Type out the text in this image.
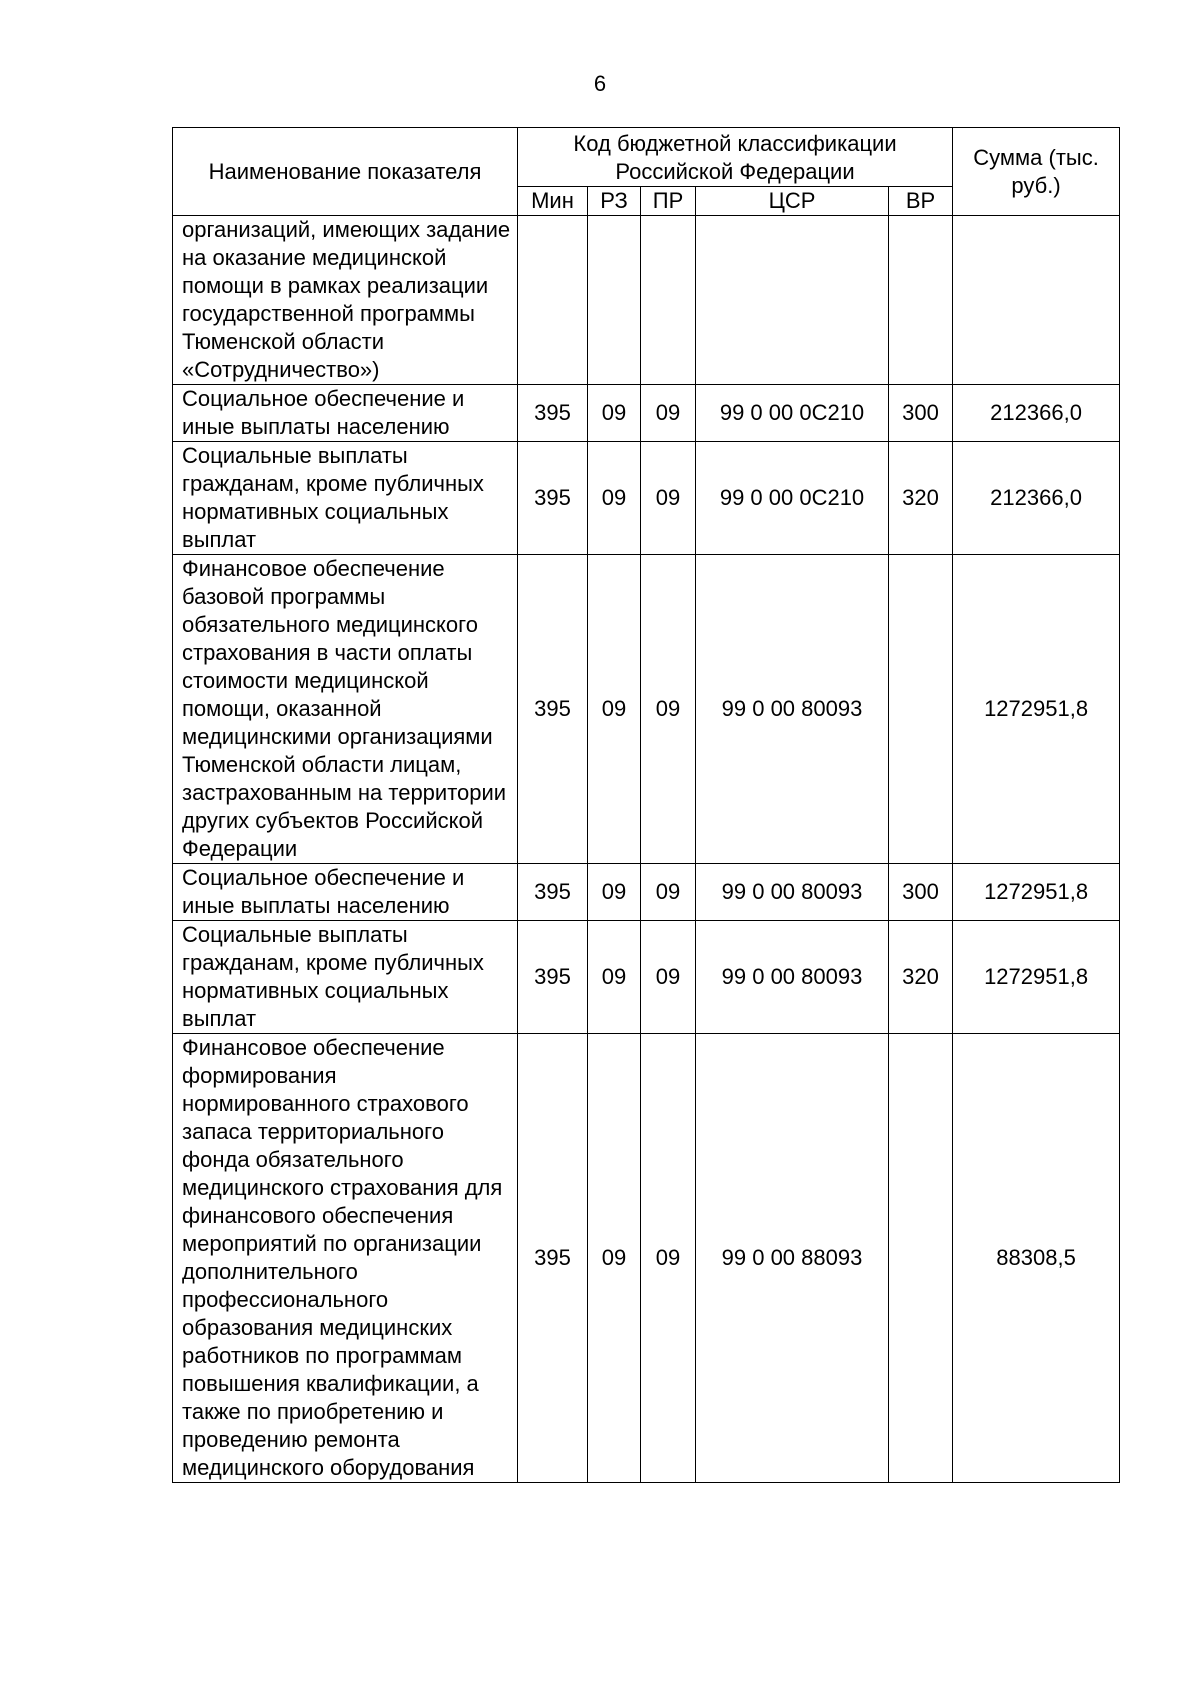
6
Наименование показателя	Код бюджетной классификации Российской Федерации					Сумма (тыс. руб.)
	Мин	РЗ	ПР	ЦСР	ВР	
организаций, имеющих задание на оказание медицинской помощи в рамках реализации государственной программы Тюменской области «Сотрудничество»)						
Социальное обеспечение и иные выплаты населению	395	09	09	99 0 00 0С210	300	212366,0
Социальные выплаты гражданам, кроме публичных нормативных социальных выплат	395	09	09	99 0 00 0С210	320	212366,0
Финансовое обеспечение базовой программы обязательного медицинского страхования в части оплаты стоимости медицинской помощи, оказанной медицинскими организациями Тюменской области лицам, застрахованным на территории других субъектов Российской Федерации	395	09	09	99 0 00 80093		1272951,8
Социальное обеспечение и иные выплаты населению	395	09	09	99 0 00 80093	300	1272951,8
Социальные выплаты гражданам, кроме публичных нормативных социальных выплат	395	09	09	99 0 00 80093	320	1272951,8
Финансовое обеспечение формирования нормированного страхового запаса территориального фонда обязательного медицинского страхования для финансового обеспечения мероприятий по организации дополнительного профессионального образования медицинских работников по программам повышения квалификации, а также по приобретению и проведению ремонта медицинского оборудования	395	09	09	99 0 00 88093		88308,5
